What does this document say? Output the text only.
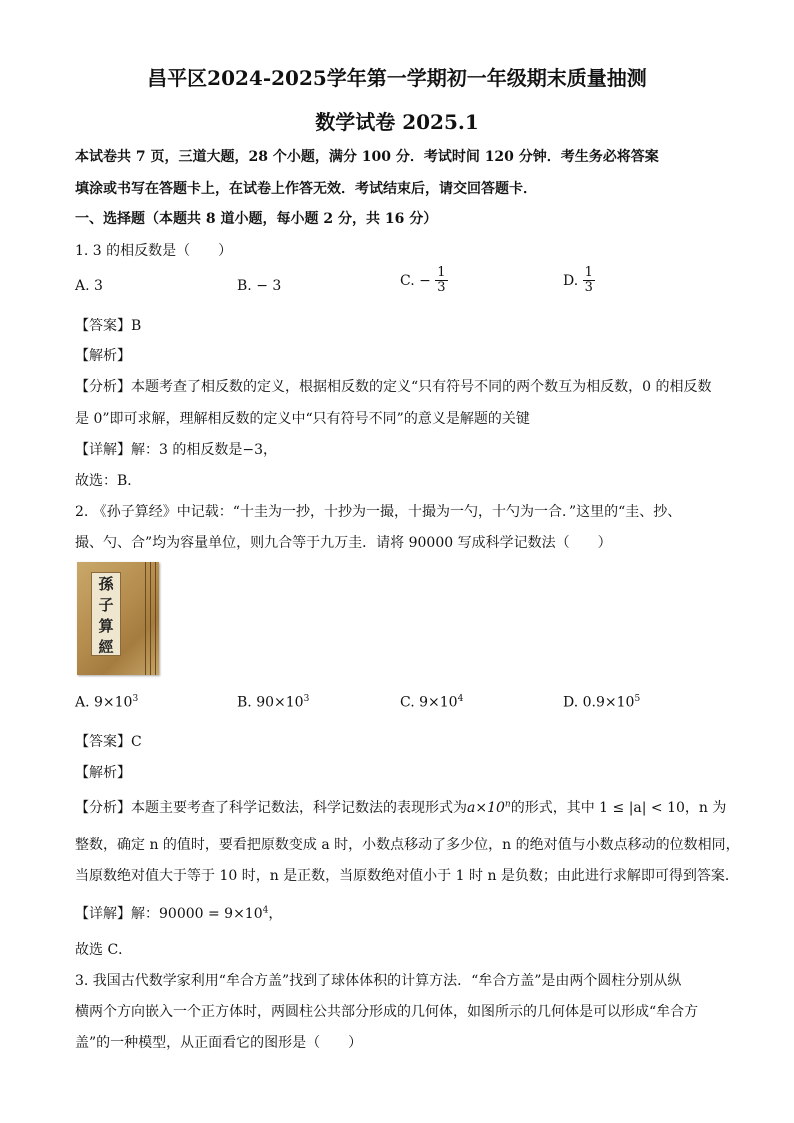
昌平区2024-2025学年第一学期初一年级期末质量抽测
数学试卷 2025.1
本试卷共 7 页，三道大题，28 个小题，满分 100 分．考试时间 120 分钟．考生务必将答案
填涂或书写在答题卡上，在试卷上作答无效．考试结束后，请交回答题卡．
一、选择题（本题共 8 道小题，每小题 2 分，共 16 分）
1. 3 的相反数是（　　）
A. 3	B. − 3	C. − $\frac{1}{3}$	D. $\frac{1}{3}$
【答案】B
【解析】
【分析】本题考查了相反数的定义，根据相反数的定义“只有符号不同的两个数互为相反数，0 的相反数
是 0”即可求解，理解相反数的定义中“只有符号不同”的意义是解题的关键
【详解】解：3 的相反数是−3，
故选：B．
2. 《孙子算经》中记载：“十圭为一抄，十抄为一撮，十撮为一勺，十勺为一合．”这里的“圭、抄、
撮、勺、合”均为容量单位，则九合等于九万圭．请将 90000 写成科学记数法（　　）
孫
子
算
經
A. $9\times 10^3$	B. $90\times 10^3$	C. $9\times 10^4$	D. $0.9\times 10^5$
【答案】C
【解析】
【分析】本题主要考查了科学记数法，科学记数法的表现形式为$a\times 10^n$的形式，其中 1 ≤ |a| < 10，n 为
整数，确定 n 的值时，要看把原数变成 a 时，小数点移动了多少位，n 的绝对值与小数点移动的位数相同，
当原数绝对值大于等于 10 时，n 是正数，当原数绝对值小于 1 时 n 是负数；由此进行求解即可得到答案．
【详解】解：$90000 = 9\times 10^4$，
故选 C．
3. 我国古代数学家利用“牟合方盖”找到了球体体积的计算方法．“牟合方盖”是由两个圆柱分别从纵
横两个方向嵌入一个正方体时，两圆柱公共部分形成的几何体，如图所示的几何体是可以形成“牟合方
盖”的一种模型，从正面看它的图形是（　　）
